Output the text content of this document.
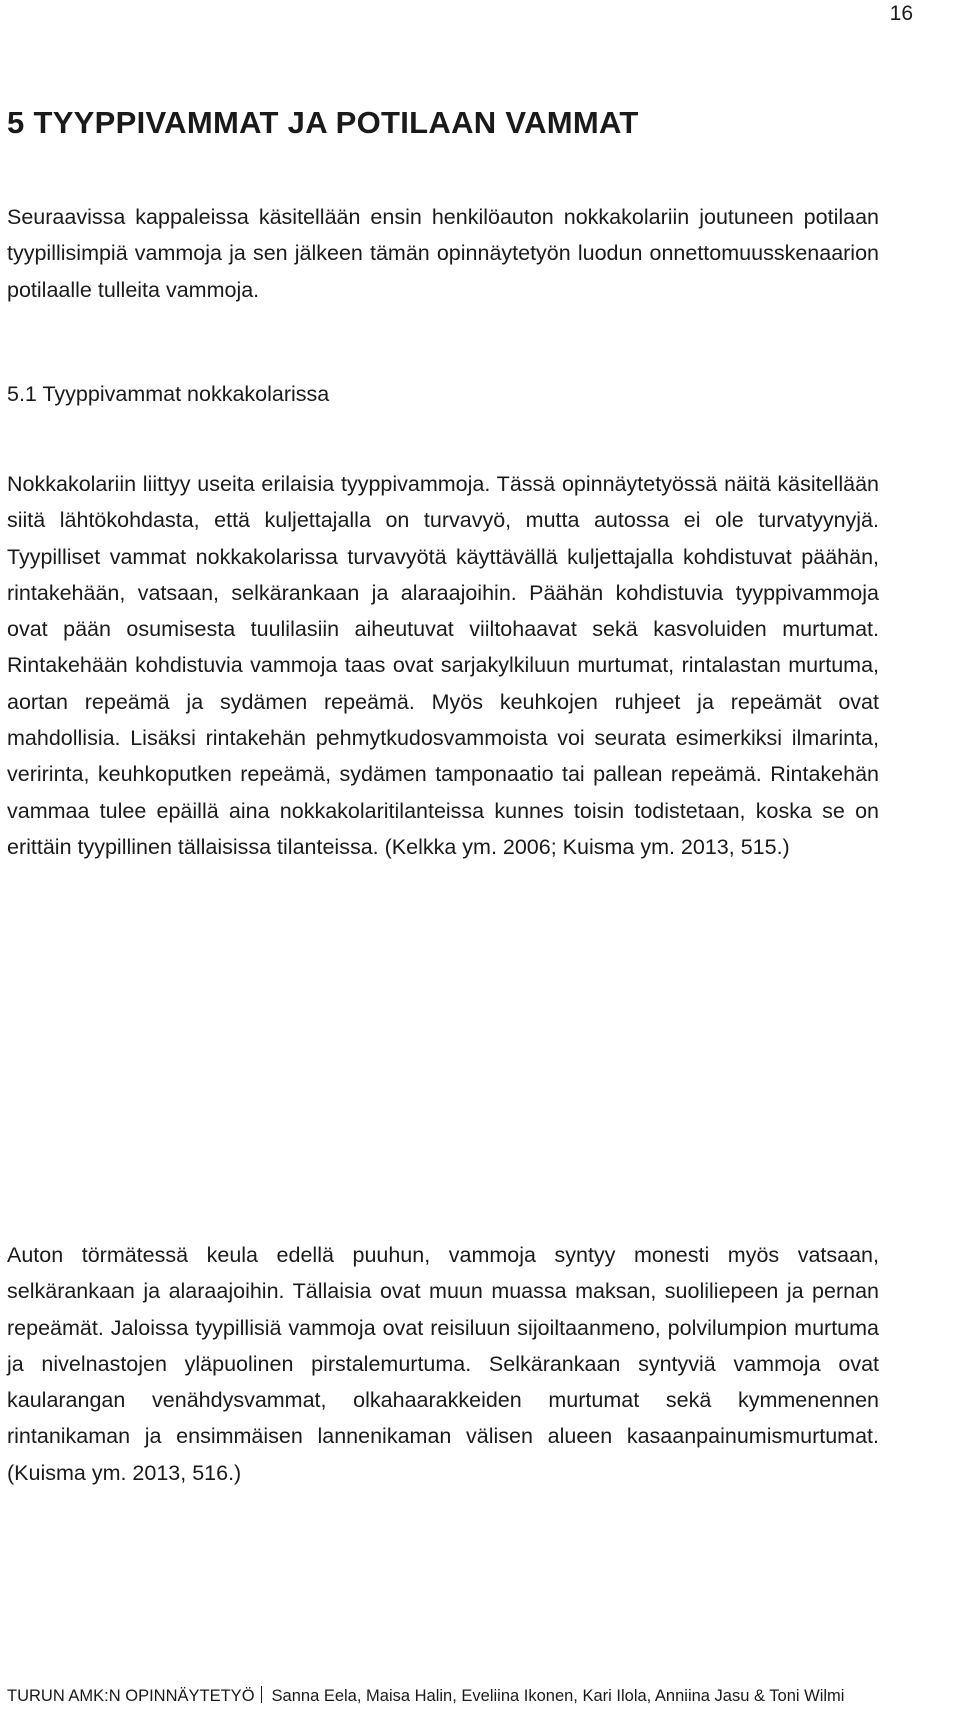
16
5 TYYPPIVAMMAT JA POTILAAN VAMMAT

Seuraavissa kappaleissa käsitellään ensin henkilöauton nokkakolariin joutuneen potilaan tyypillisimpiä vammoja ja sen jälkeen tämän opinnäytetyön luodun onnettomuusskenaarion potilaalle tulleita vammoja.

5.1 Tyyppivammat nokkakolarissa

Nokkakolariin liittyy useita erilaisia tyyppivammoja. Tässä opinnäytetyössä näitä käsitellään siitä lähtökohdasta, että kuljettajalla on turvavyö, mutta autossa ei ole turvatyynyjä. Tyypilliset vammat nokkakolarissa turvavyötä käyttävällä kuljettajalla kohdistuvat päähän, rintakehään, vatsaan, selkärankaan ja alaraajoihin. Päähän kohdistuvia tyyppivammoja ovat pään osumisesta tuulilasiin aiheutuvat viiltohaavat sekä kasvoluiden murtumat. Rintakehään kohdistuvia vammoja taas ovat sarjakylkiluun murtumat, rintalastan murtuma, aortan repeämä ja sydämen repeämä. Myös keuhkojen ruhjeet ja repeämät ovat mahdollisia. Lisäksi rintakehän pehmytkudosvammoista voi seurata esimerkiksi ilmarinta, veririnta, keuhkoputken repeämä, sydämen tamponaatio tai pallean repeämä. Rintakehän vammaa tulee epäillä aina nokkakolaritilanteissa kunnes toisin todistetaan, koska se on erittäin tyypillinen tällaisissa tilanteissa. (Kelkka ym. 2006; Kuisma ym. 2013, 515.)

Auton törmätessä keula edellä puuhun, vammoja syntyy monesti myös vatsaan, selkärankaan ja alaraajoihin. Tällaisia ovat muun muassa maksan, suoliliepeen ja pernan repeämät. Jaloissa tyypillisiä vammoja ovat reisiluun sijoiltaanmeno, polvilumpion murtuma ja nivelnastojen yläpuolinen pirstalemurtuma. Selkärankaan syntyviä vammoja ovat kaularangan venähdysvammat, olkahaarakkeiden murtumat sekä kymmenennen rintanikaman ja ensimmäisen lannenikaman välisen alueen kasaanpainumismurtumat. (Kuisma ym. 2013, 516.)

TURUN AMK:N OPINNÄYTETYÖ Sanna Eela, Maisa Halin, Eveliina Ikonen, Kari Ilola, Anniina Jasu & Toni Wilmi
